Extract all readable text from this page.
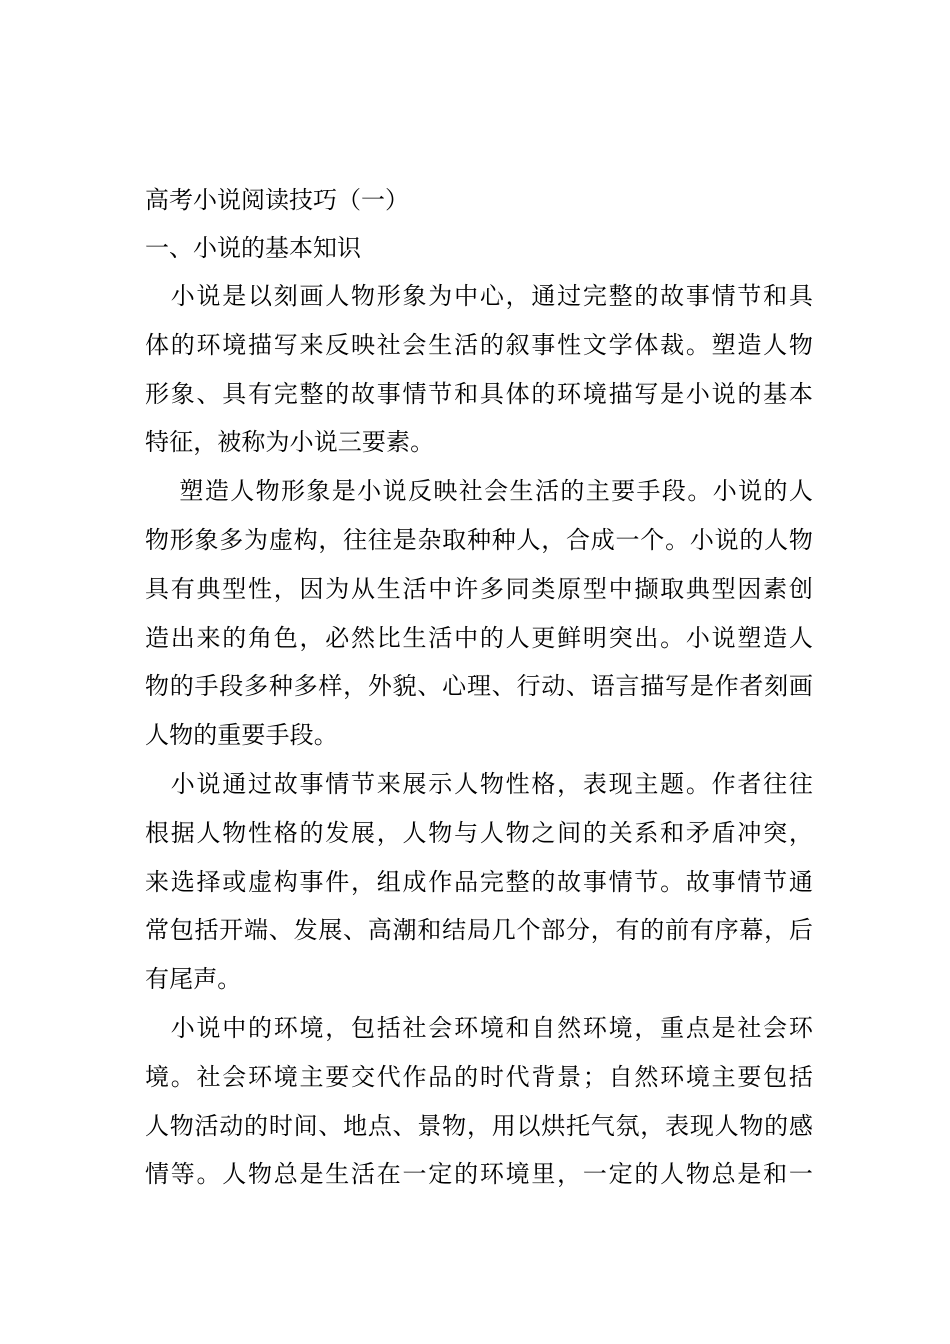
高考小说阅读技巧（一）
一、小说的基本知识
　小说是以刻画人物形象为中心，通过完整的故事情节和具
体的环境描写来反映社会生活的叙事性文学体裁。塑造人物
形象、具有完整的故事情节和具体的环境描写是小说的基本
特征，被称为小说三要素。
　 塑造人物形象是小说反映社会生活的主要手段。小说的人
物形象多为虚构，往往是杂取种种人，合成一个。小说的人物
具有典型性，因为从生活中许多同类原型中撷取典型因素创
造出来的角色，必然比生活中的人更鲜明突出。小说塑造人
物的手段多种多样，外貌、心理、行动、语言描写是作者刻画
人物的重要手段。
　小说通过故事情节来展示人物性格，表现主题。作者往往
根据人物性格的发展，人物与人物之间的关系和矛盾冲突，
来选择或虚构事件，组成作品完整的故事情节。故事情节通
常包括开端、发展、高潮和结局几个部分，有的前有序幕，后
有尾声。
　小说中的环境，包括社会环境和自然环境，重点是社会环
境。社会环境主要交代作品的时代背景；自然环境主要包括
人物活动的时间、地点、景物，用以烘托气氛，表现人物的感
情等。人物总是生活在一定的环境里，一定的人物总是和一
